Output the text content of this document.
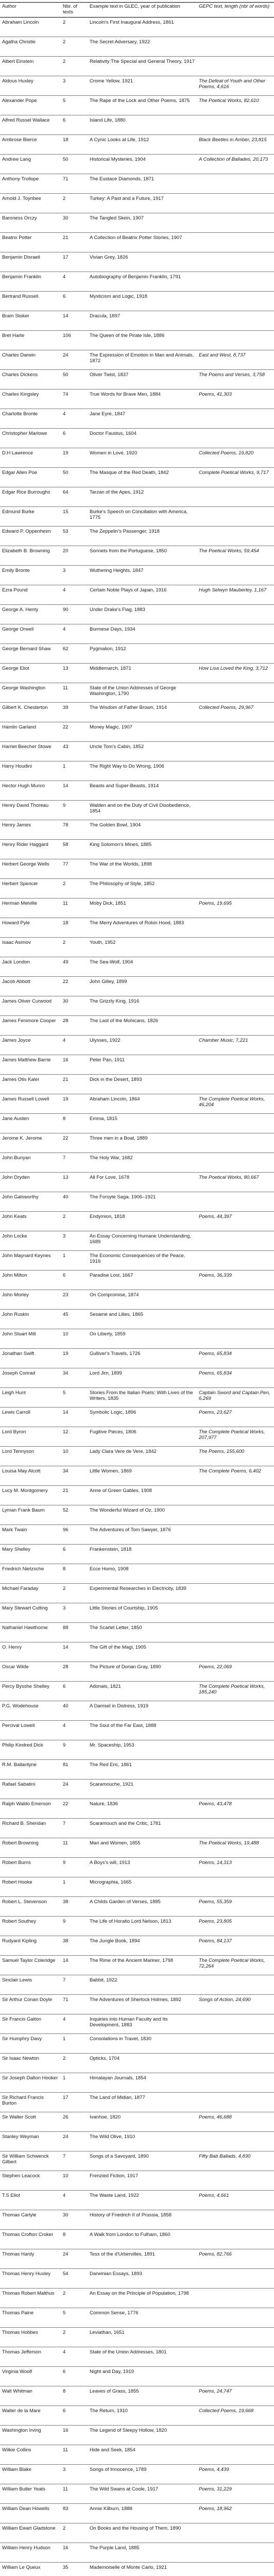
Author	Nbr. of texts	Example text in GLEC, year of publication	GEPC text, length (nbr of words)
Abraham Lincoln	2	Lincoln's First Inaugural Address, 1861	
Agatha Christie	2	The Secret Adversary, 1922	
Albert Einstein	2	Relativity:The Special and General Theory, 1917	
Aldous Huxley	3	Crome Yellow, 1921	The Defeat of Youth and Other Poems, 4,616
Alexander Pope	5	The Rape of the Lock and Other Poems, 1875	The Poetical Works, 82,610
Alfred Russel Wallace	6	Island Life, 1880	
Ambrose Bierce	18	A Cynic Looks at Life, 1912	Black Beetles in Amber, 23,815
Andrew Lang	50	Historical Mysteries, 1904	A Collection of Ballades, 20,173
Anthony Trollope	71	The Eustace Diamonds, 1871	
Arnold J. Toynbee	2	Turkey: A Past and a Future, 1917	
Baroness Orczy	30	The Tangled Skein, 1907	
Beatrix Potter	21	A Collection of Beatrix Potter Stories, 1907	
Benjamin Disraeli	17	Vivian Grey, 1826	
Benjamin Franklin	4	Autobiography of Benjamin Franklin, 1791	
Bertrand Russell	6	Mysticism and Logic, 1918	
Bram Stoker	14	Dracula, 1897	
Bret Harte	106	The Queen of the Pirate Isle, 1886	
Charles Darwin	24	The Expression of Emotion in Man and Animals, 1872	East and West, 8,737
Charles Dickens	50	Oliver Twist, 1837	The Poems and Verses, 3,758
Charles Kingsley	74	True Words for Brave Men, 1884	Poems, 41,303
Charlotte Bronte	4	Jane Eyre, 1847	
Christopher Marlowe	6	Doctor Faustus, 1604	
D.H Lawrence	19	Women in Love, 1920	Collected Poems, 19,820
Edgar Allen Poe	50	The Masque of the Red Death, 1842	Complete Poetical Works, 9,717
Edgar Rice Burroughs	64	Tarzan of the Apes, 1912	
Edmund Burke	15	Burke's Speech on Conciliation with America, 1775	
Edward P. Oppenheim	53	The Zeppelin's Passenger, 1918	
Elizabeth B. Browning	20	Sonnets from the Portuguese, 1850	The Poetical Works, 59,454
Emily Bronte	3	Wuthering Heights, 1847	
Ezra Pound	4	Certain Noble Plays of Japan, 1916	Hugh Selwyn Mauberley, 1,167
George A. Henty	90	Under Drake's Flag, 1883	
George Orwell	4	Burmese Days, 1934	
George Bernard Shaw	62	Pygmalion, 1912	
George Eliot	13	Middlemarch, 1871	How Lisa Loved the King, 3,712
George Washington	11	State of the Union Addresses of George Washington, 1790	
Gilbert K. Chesterton	39	The Wisdom of Father Brown, 1914	Collected Poems, 29,967
Hamlin Garland	22	Money Magic, 1907	
Harriet Beecher Stowe	43	Uncle Tom's Cabin, 1852	
Harry Houdini	1	The Right Way to Do Wrong, 1906	
Hector Hugh Munro	14	Beasts and Super-Beasts, 1914	
Henry David Thoreau	9	Walden and on the Duty of Civil Disobedience, 1854	
Henry James	78	The Golden Bowl, 1904	
Henry Rider Haggard	58	King Solomon's Mines, 1885	
Herbert George Wells	77	The War of the Worlds, 1898	
Herbert Spencer	2	The Philosophy of Style, 1852	
Herman Melville	11	Moby Dick, 1851	Poems, 19,695
Howard Pyle	18	The Merry Adventures of Robin Hood, 1883	
Isaac Asimov	2	Youth, 1952	
Jack London	49	The Sea-Wolf, 1904	
Jacob Abbott	22	John Gilley, 1899	
James Oliver Curwood	30	The Grizzly King, 1916	
James Fenimore Cooper	28	The Last of the Mohicans, 1826	
James Joyce	4	Ulysses, 1922	Chamber Music, 7,221
James Matthew Barrie	16	Peter Pan, 1911	
James Otis Kaler	21	Dick in the Desert, 1893	
James Russell Lowell	19	Abraham Lincoln, 1864	The Complete Poetical Works, 46,204
Jane Austen	8	Emma, 1815	
Jerome K. Jerome	22	Three men in a Boat, 1889	
John Bunyan	7	The Holy War, 1682	
John Dryden	13	All For Love, 1678	The Poetical Works, 80,667
John Galsworthy	40	The Forsyte Saga, 1906–1921	
John Keats	2	Endymion, 1818	Poems, 44,397
John Locke	3	An Essay Concerning Humane Understanding, 1689	
John Maynard Keynes	1	The Economic Consequences of the Peace, 1919	
John Milton	6	Paradise Lost, 1667	Poems, 36,339
John Morley	23	On Compromise, 1874	
John Ruskin	45	Sesame and Lilies, 1865	
John Stuart Mill	10	On Liberty, 1859	
Jonathan Swift	19	Gulliver's Travels, 1726	Poems, 65,834
Joseph Conrad	34	Lord Jim, 1899	Poems, 65,834
Leigh Hunt	5	Stories From the Italian Poets: With Lives of the Writers, 1835	Captain Sword and Captain Pen, 6,269
Lewis Carroll	14	Symbolic Logic, 1896	Poems, 23,627
Lord Byron	12	Fugitive Pieces, 1806	The Complete Poetical Works, 207,977
Lord Tennyson	10	Lady Clara Vere de Vere, 1842	The Poems, 155,600
Louisa May Alcott	34	Little Women, 1869	The Complete Poems, 6,402
Lucy M. Montgomery	21	Anne of Green Gables, 1908	
Lyman Frank Baum	52	The Wonderful Wizard of Oz, 1900	
Mark Twain	96	The Adventures of Tom Sawyer, 1876	
Mary Shelley	6	Frankenstein, 1818	
Friedrich Nietzsche	8	Ecce Homo, 1908	
Michael Faraday	2	Experimental Researches in Electricity, 1839	
Mary Stewart Cutting	3	Little Stories of Courtship, 1905	
Nathaniel Hawthorne	88	The Scarlet Letter, 1850	
O. Henry	14	The Gift of the Magi, 1905	
Oscar Wilde	28	The Picture of Dorian Gray, 1890	Poems, 22,069
Percy Bysshe Shelley	6	Adonais, 1821	The Complete Poetical Works, 185,240
P.G. Wodehouse	40	A Damsel in Distress, 1919	
Percival Lowell	4	The Soul of the Far East, 1888	
Philip Kindred Dick	9	Mr. Spaceship, 1953	
R.M. Ballantyne	81	The Red Eric, 1861	
Rafael Sabatini	24	Scaramouche, 1921	
Ralph Waldo Emerson	22	Nature, 1836	Poems, 43,478
Richard B. Sheridan	7	Scaramouch and the Critic, 1781	
Robert Browning	11	Man and Women, 1855	The Poetical Works, 19,488
Robert Burns	9	A Boys's will, 1913	Poems, 14,313
Robert Hooke	1	Micrographia, 1665	
Robert L. Stevenson	38	A Childs Garden of Verses, 1885	Poems, 55,359
Robert Southey	9	The Life of Horatio Lord Nelson, 1813	Poems, 23,805
Rudyard Kipling	38	The Jungle Book, 1894	Poems, 84,137
Samuel Taylor Coleridge	14	The Rime of the Ancient Mariner, 1798	The Complete Poetical Works, 72,264
Sinclair Lewis	7	Babbit, 1922	
Sir Arthur Conan Doyle	71	The Adventures of Sherlock Holmes, 1892	Songs of Action, 24,690
Sir Francis Galton	4	Inquiries into Human Faculty and Its Development, 1883	
Sir Humphry Davy	1	Consolations in Travel, 1830	
Sir Isaac Newton	2	Opticks, 1704	
Sir Joseph Dalton Hooker	1	Himalayan Journals, 1854	
Sir Richard Francis Burton	17	The Land of Midian, 1877	
Sir Walter Scott	26	Ivanhoe, 1820	Poems, 46,688
Stanley Weyman	24	The Wild Olive, 1910	
Sir William Schwenck Gilbert	7	Songs of a Savoyard, 1890	Fifty Bab Ballads, 4,830
Stephen Leacock	10	Frenzied Fiction, 1917	
T.S Eliot	4	The Waste Land, 1922	Poems, 4,661
Thomas Carlyle	30	History of Friedrich II of Prussia, 1858	
Thomas Crofton Croker	8	A Walk from London to Fulham, 1860	
Thomas Hardy	24	Tess of the d'Urbervilles, 1891	Poems, 82,766
Thomas Henry Huxley	54	Darwinian Essays, 1893	
Thomas Robert Malthus	2	An Essay on the Principle of Population, 1798	
Thomas Paine	5	Common Sense, 1776	
Thomas Hobbes	2	Leviathan, 1651	
Thomas Jefferson	4	State of the Union Addresses, 1801	
Virginia Woolf	6	Night and Day, 1919	
Walt Whitman	8	Leaves of Grass, 1855	Poems, 24,747
Walter de la Mare	6	The Return, 1910	Collected Poems, 19,668
Washington Irving	16	The Legend of Sleepy Hollow, 1820	
Wilkie Collins	11	Hide and Seek, 1854	
William Blake	3	Songs of Innocence, 1789	Poems, 4,439
William Butler Yeats	11	The Wild Swans at Coole, 1917	Poems, 31,229
William Dean Howells	83	Annie Kilburn, 1888	Poems, 18,962
William Ewart Gladstone	2	On Books and the Housing of Them, 1890	
William Henry Hudson	16	The Purple Land, 1885	
William Le Queux	35	Mademoiselle of Monte Carlo, 1921	
